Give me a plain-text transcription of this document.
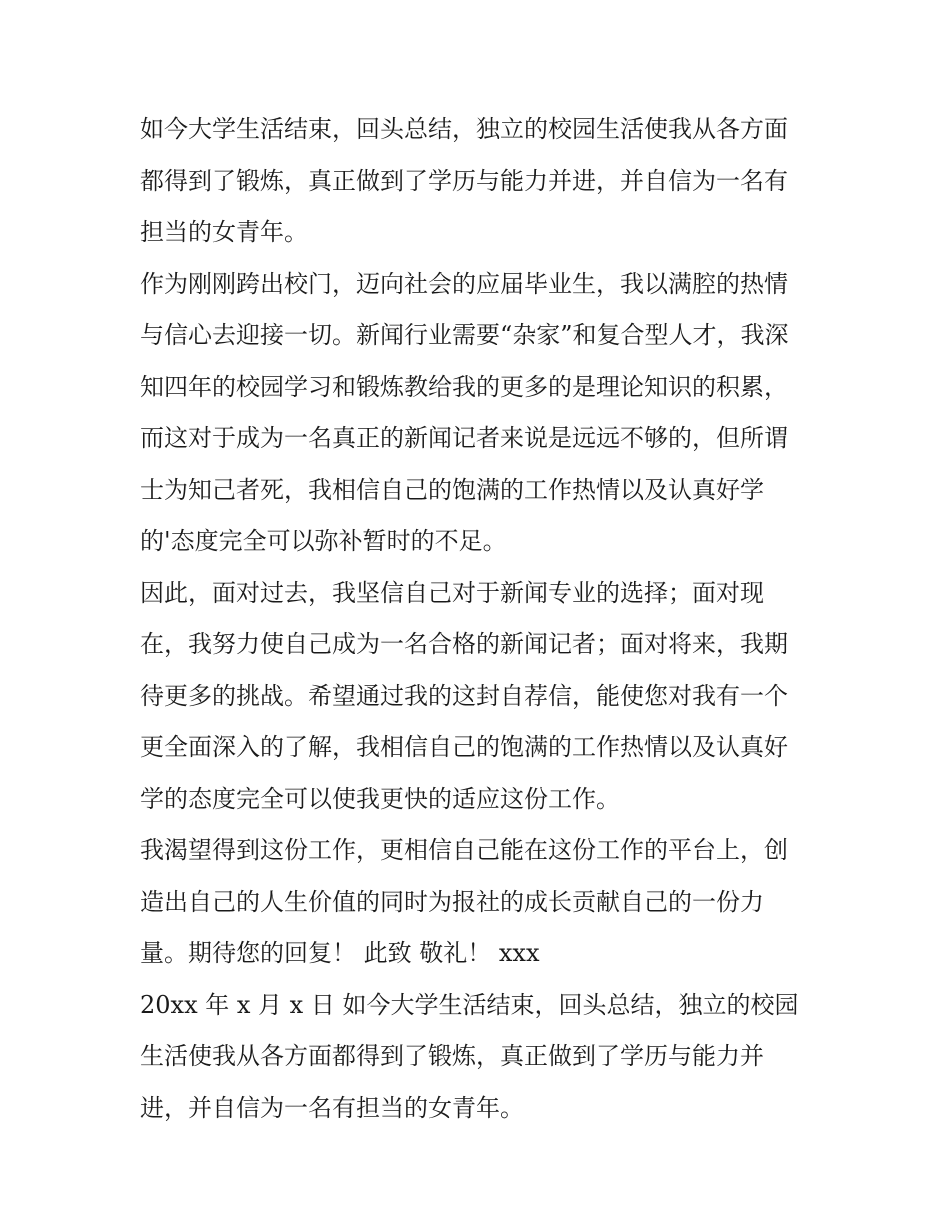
如今大学生活结束，回头总结，独立的校园生活使我从各方面
都得到了锻炼，真正做到了学历与能力并进，并自信为一名有
担当的女青年。
作为刚刚跨出校门，迈向社会的应届毕业生，我以满腔的热情
与信心去迎接一切。新闻行业需要“杂家”和复合型人才，我深
知四年的校园学习和锻炼教给我的更多的是理论知识的积累，
而这对于成为一名真正的新闻记者来说是远远不够的，但所谓
士为知己者死，我相信自己的饱满的工作热情以及认真好学
的'态度完全可以弥补暂时的不足。
因此，面对过去，我坚信自己对于新闻专业的选择；面对现
在，我努力使自己成为一名合格的新闻记者；面对将来，我期
待更多的挑战。希望通过我的这封自荐信，能使您对我有一个
更全面深入的了解，我相信自己的饱满的工作热情以及认真好
学的态度完全可以使我更快的适应这份工作。
我渴望得到这份工作，更相信自己能在这份工作的平台上，创
造出自己的人生价值的同时为报社的成长贡献自己的一份力
量。期待您的回复！ 此致 敬礼！ xxx
20xx 年 x 月 x 日 如今大学生活结束，回头总结，独立的校园
生活使我从各方面都得到了锻炼，真正做到了学历与能力并
进，并自信为一名有担当的女青年。
